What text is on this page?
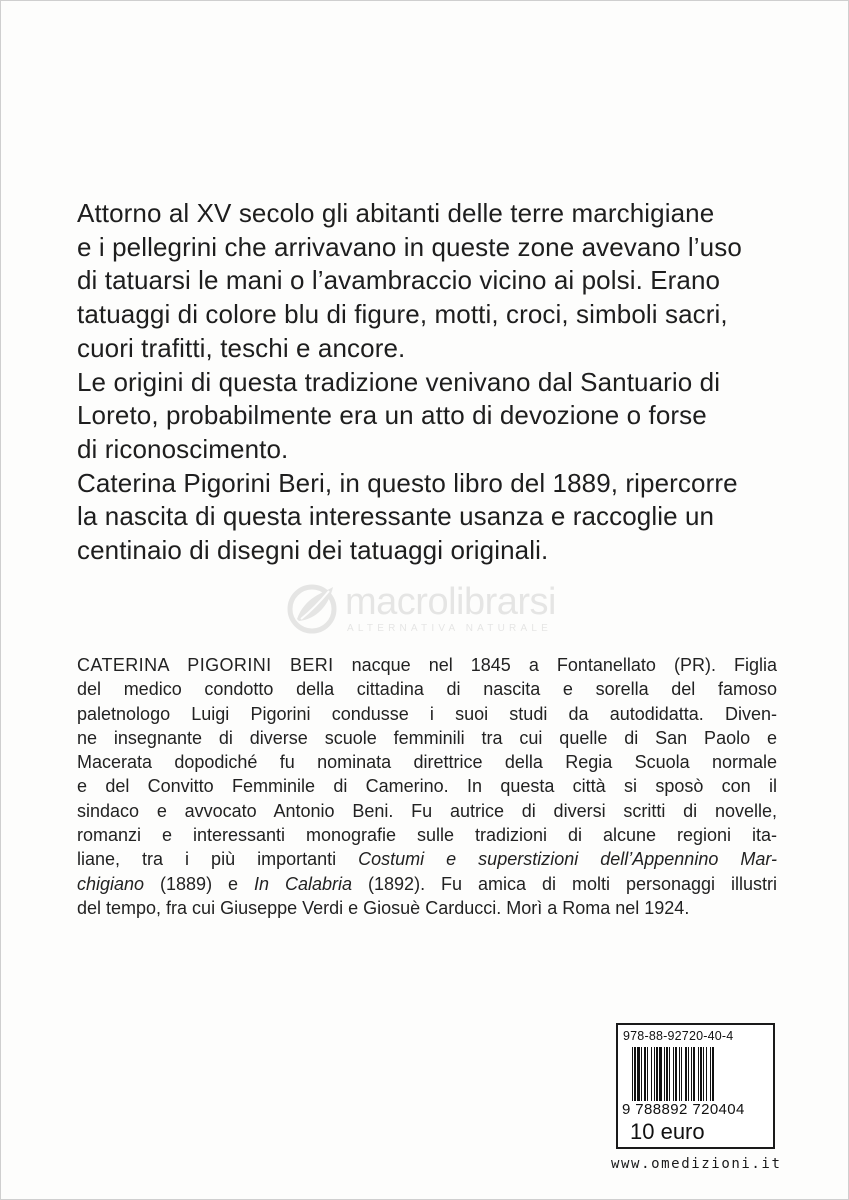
Attorno al XV secolo gli abitanti delle terre marchigiane

e i pellegrini che arrivavano in queste zone avevano l’uso

di tatuarsi le mani o l’avambraccio vicino ai polsi. Erano

tatuaggi di colore blu di figure, motti, croci, simboli sacri,

cuori trafitti, teschi e ancore.

Le origini di questa tradizione venivano dal Santuario di

Loreto, probabilmente era un atto di devozione o forse

di riconoscimento.

Caterina Pigorini Beri, in questo libro del 1889, ripercorre

la nascita di questa interessante usanza e raccoglie un

centinaio di disegni dei tatuaggi originali.

macrolibrarsi
ALTERNATIVA NATURALE
CATERINA PIGORINI BERI nacque nel 1845 a Fontanellato (PR). Figlia
del medico condotto della cittadina di nascita e sorella del famoso
paletnologo Luigi Pigorini condusse i suoi studi da autodidatta. Diven-
ne insegnante di diverse scuole femminili tra cui quelle di San Paolo e
Macerata dopodiché fu nominata direttrice della Regia Scuola normale
e del Convitto Femminile di Camerino. In questa città si sposò con il
sindaco e avvocato Antonio Beni. Fu autrice di diversi scritti di novelle,
romanzi e interessanti monografie sulle tradizioni di alcune regioni ita-
liane, tra i più importanti Costumi e superstizioni dell’Appennino Mar-
chigiano (1889) e In Calabria (1892). Fu amica di molti personaggi illustri
del tempo, fra cui Giuseppe Verdi e Giosuè Carducci. Morì a Roma nel 1924.
978-88-92720-40-4
9 788892 720404
10 euro
www.omedizioni.it
